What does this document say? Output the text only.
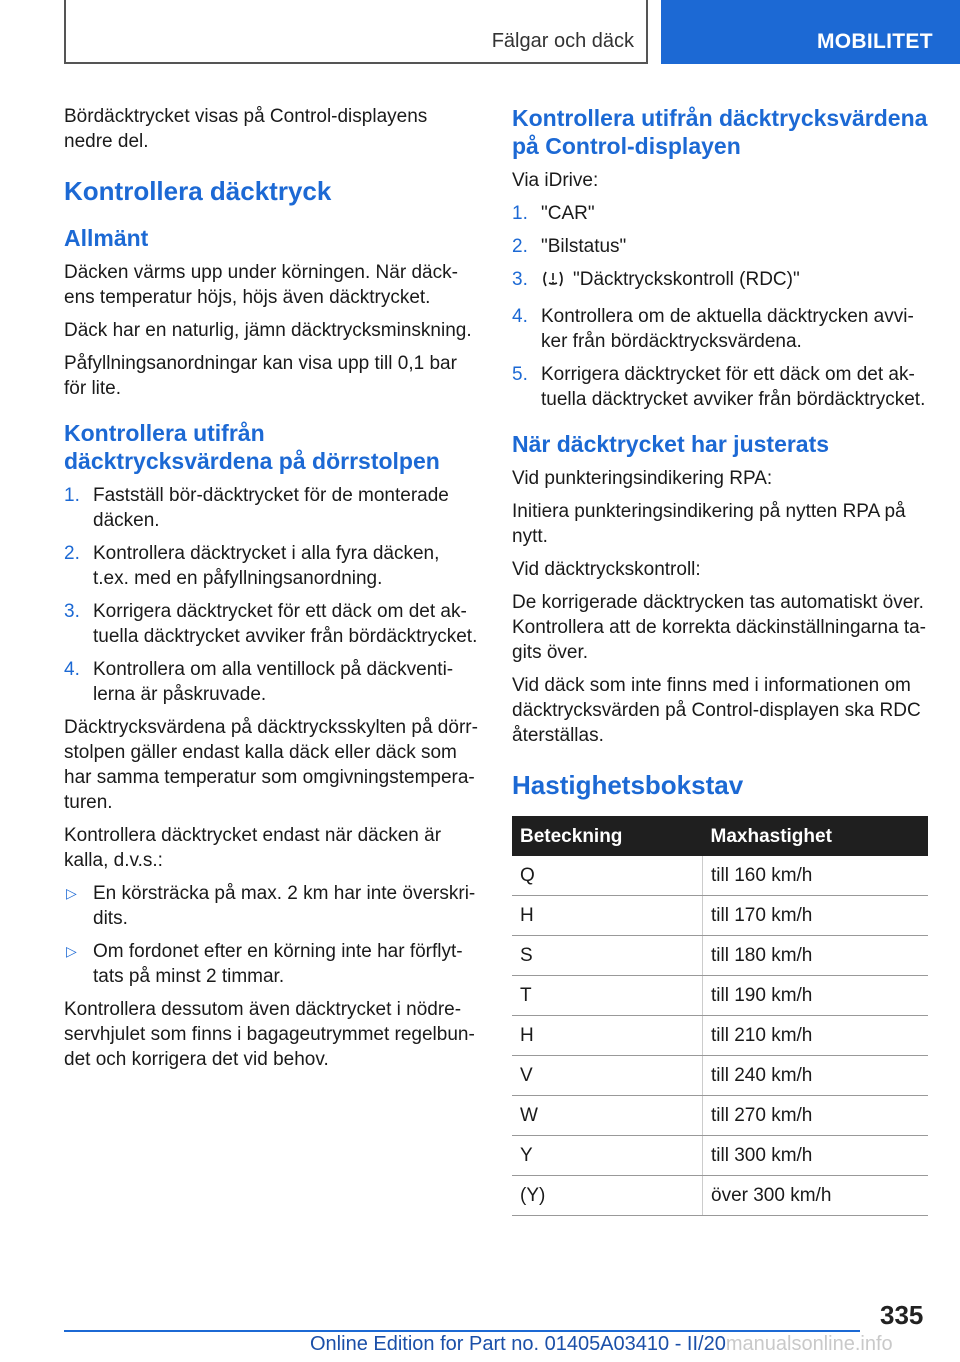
Fälgar och däck	MOBILITET

Bördäcktrycket visas på Control-displayens nedre del.

Kontrollera däcktryck
Allmänt

Däcken värms upp under körningen. När däck-ens temperatur höjs, höjs även däcktrycket.

Däck har en naturlig, jämn däcktrycksminskning.

Påfyllningsanordningar kan visa upp till 0,1 bar för lite.

Kontrollera utifrån däcktrycksvärdena på dörrstolpen
1. Fastställ bör-däcktrycket för de monterade däcken.
2. Kontrollera däcktrycket i alla fyra däcken, t.ex. med en påfyllningsanordning.
3. Korrigera däcktrycket för ett däck om det ak-tuella däcktrycket avviker från bördäcktrycket.
4. Kontrollera om alla ventillock på däckventi-lerna är påskruvade.

Däcktrycksvärdena på däcktrycksskylten på dörr-stolpen gäller endast kalla däck eller däck som har samma temperatur som omgivningstempera-turen.

Kontrollera däcktrycket endast när däcken är kalla, d.v.s.:

▷ En körsträcka på max. 2 km har inte överskri-dits.
▷ Om fordonet efter en körning inte har förflyt-tats på minst 2 timmar.

Kontrollera dessutom även däcktrycket i nödre-servhjulet som finns i bagageutrymmet regelbun-det och korrigera det vid behov.

Kontrollera utifrån däcktrycksvärdena på Control-displayen

Via iDrive:

1. "CAR"
2. "Bilstatus"
3. "Däcktryckskontroll (RDC)"
4. Kontrollera om de aktuella däcktrycken avvi-ker från bördäcktrycksvärdena.
5. Korrigera däcktrycket för ett däck om det ak-tuella däcktrycket avviker från bördäcktrycket.
När däcktrycket har justerats

Vid punkteringsindikering RPA:

Initiera punkteringsindikering på nytten RPA på nytt.

Vid däcktryckskontroll:

De korrigerade däcktrycken tas automatiskt över. Kontrollera att de korrekta däckinställningarna ta-gits över.

Vid däck som inte finns med i informationen om däcktrycksvärden på Control-displayen ska RDC återställas.

Hastighetsbokstav
Beteckning	Maxhastighet
Q	till 160 km/h
H	till 170 km/h
S	till 180 km/h
T	till 190 km/h
H	till 210 km/h
V	till 240 km/h
W	till 270 km/h
Y	till 300 km/h
(Y)	över 300 km/h
335
Online Edition for Part no. 01405A03410 - II/20manualsonline.info
